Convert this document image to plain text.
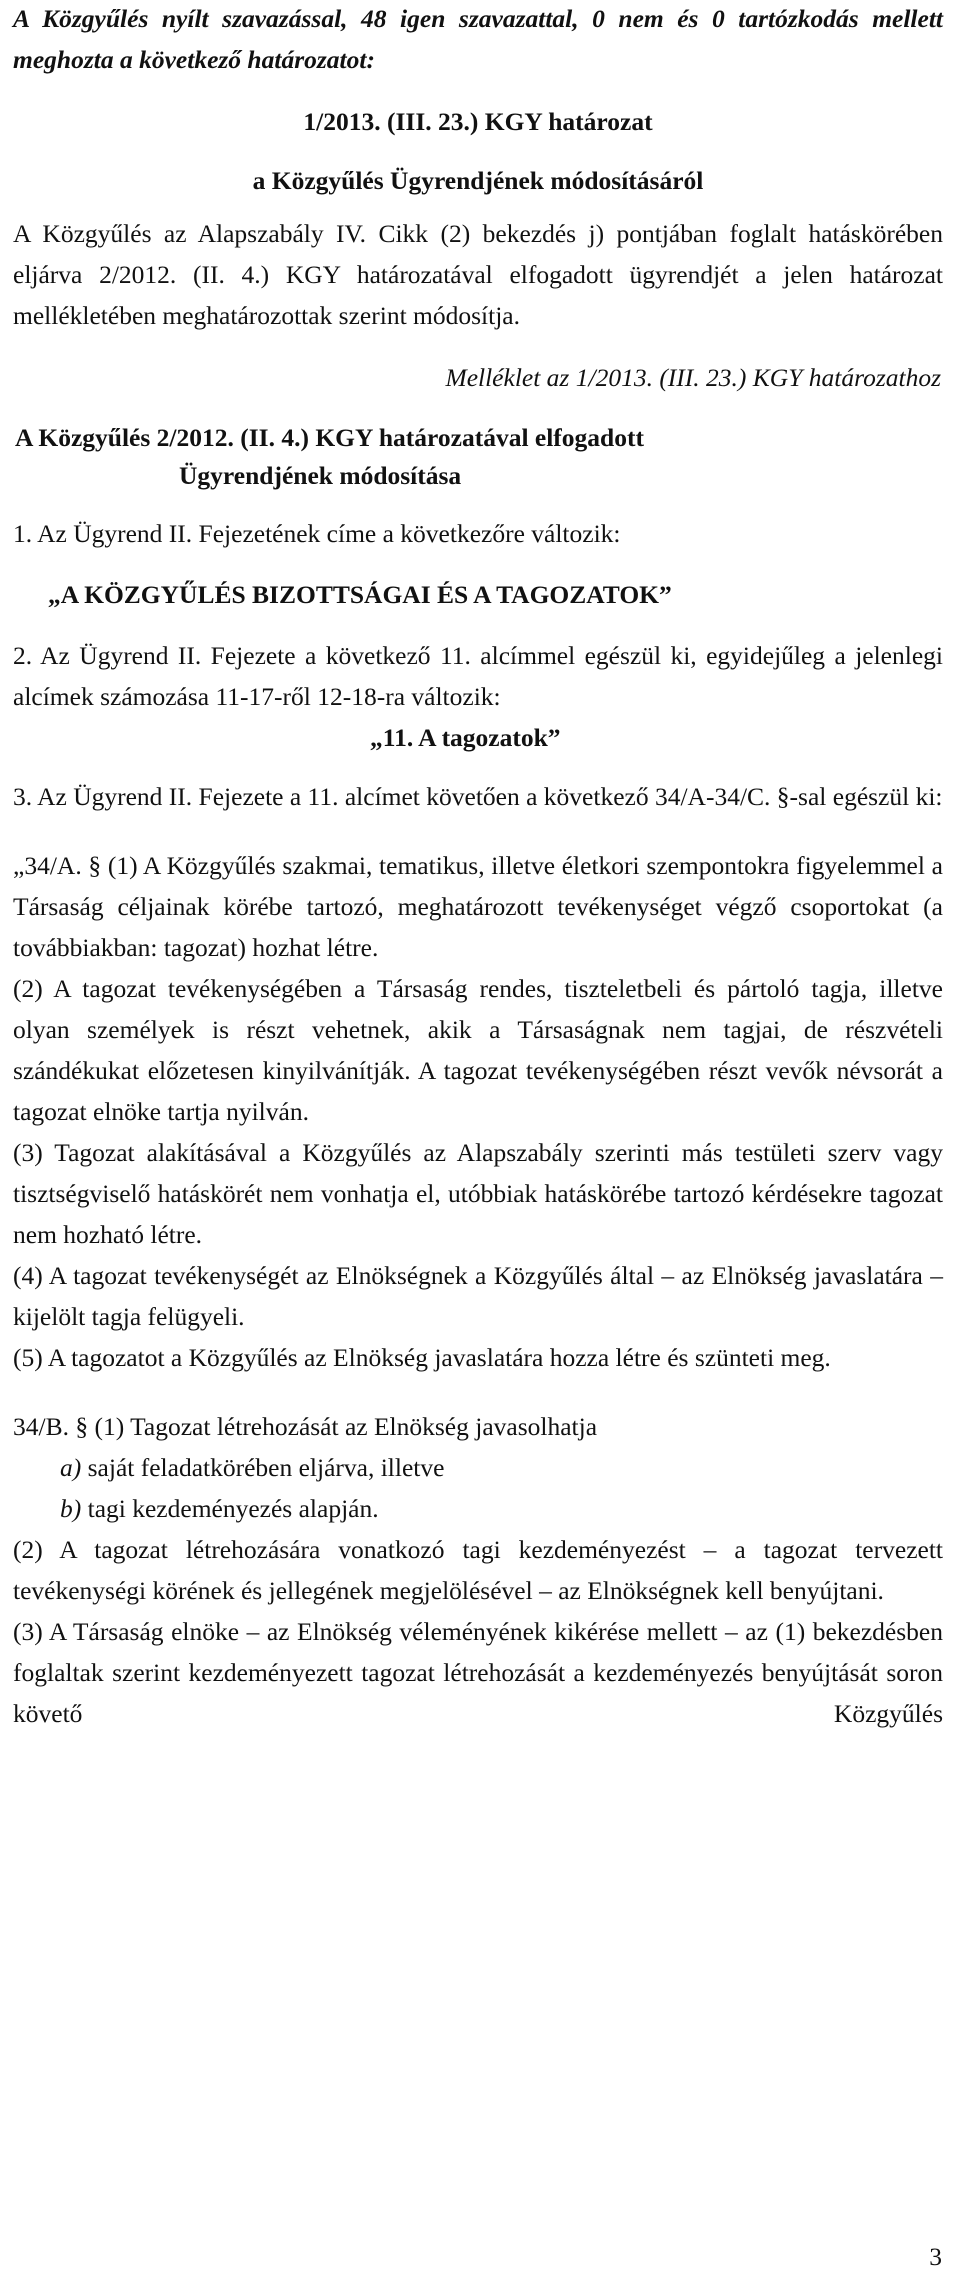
A Közgyűlés nyílt szavazással, 48 igen szavazattal, 0 nem és 0 tartózkodás mellett meghozta a következő határozatot:

1/2013. (III. 23.) KGY határozat

a Közgyűlés Ügyrendjének módosításáról

A Közgyűlés az Alapszabály IV. Cikk (2) bekezdés j) pontjában foglalt hatáskörében eljárva 2/2012. (II. 4.) KGY határozatával elfogadott ügyrendjét a jelen határozat mellékletében meghatározottak szerint módosítja.

Melléklet az 1/2013. (III. 23.) KGY határozathoz

A Közgyűlés 2/2012. (II. 4.) KGY határozatával elfogadott

Ügyrendjének módosítása

1. Az Ügyrend II. Fejezetének címe a következőre változik:

„A KÖZGYŰLÉS BIZOTTSÁGAI ÉS A TAGOZATOK”

2. Az Ügyrend II. Fejezete a következő 11. alcímmel egészül ki, egyidejűleg a jelenlegi alcímek számozása 11-17-ről 12-18-ra változik:

„11. A tagozatok”

3. Az Ügyrend II. Fejezete a 11. alcímet követően a következő 34/A-34/C. §-sal egészül ki:

„34/A. § (1) A Közgyűlés szakmai, tematikus, illetve életkori szempontokra figyelemmel a Társaság céljainak körébe tartozó, meghatározott tevékenységet végző csoportokat (a továbbiakban: tagozat) hozhat létre.

(2) A tagozat tevékenységében a Társaság rendes, tiszteletbeli és pártoló tagja, illetve olyan személyek is részt vehetnek, akik a Társaságnak nem tagjai, de részvételi szándékukat előzetesen kinyilvánítják. A tagozat tevékenységében részt vevők névsorát a tagozat elnöke tartja nyilván.

(3) Tagozat alakításával a Közgyűlés az Alapszabály szerinti más testületi szerv vagy tisztségviselő hatáskörét nem vonhatja el, utóbbiak hatáskörébe tartozó kérdésekre tagozat nem hozható létre.

(4) A tagozat tevékenységét az Elnökségnek a Közgyűlés által – az Elnökség javaslatára – kijelölt tagja felügyeli.

(5) A tagozatot a Közgyűlés az Elnökség javaslatára hozza létre és szünteti meg.

34/B. § (1) Tagozat létrehozását az Elnökség javasolhatja

a) saját feladatkörében eljárva, illetve

b) tagi kezdeményezés alapján.

(2) A tagozat létrehozására vonatkozó tagi kezdeményezést – a tagozat tervezett tevékenységi körének és jellegének megjelölésével – az Elnökségnek kell benyújtani.

(3) A Társaság elnöke – az Elnökség véleményének kikérése mellett – az (1) bekezdésben foglaltak szerint kezdeményezett tagozat létrehozását a kezdeményezés benyújtását soron követő Közgyűlés

3
